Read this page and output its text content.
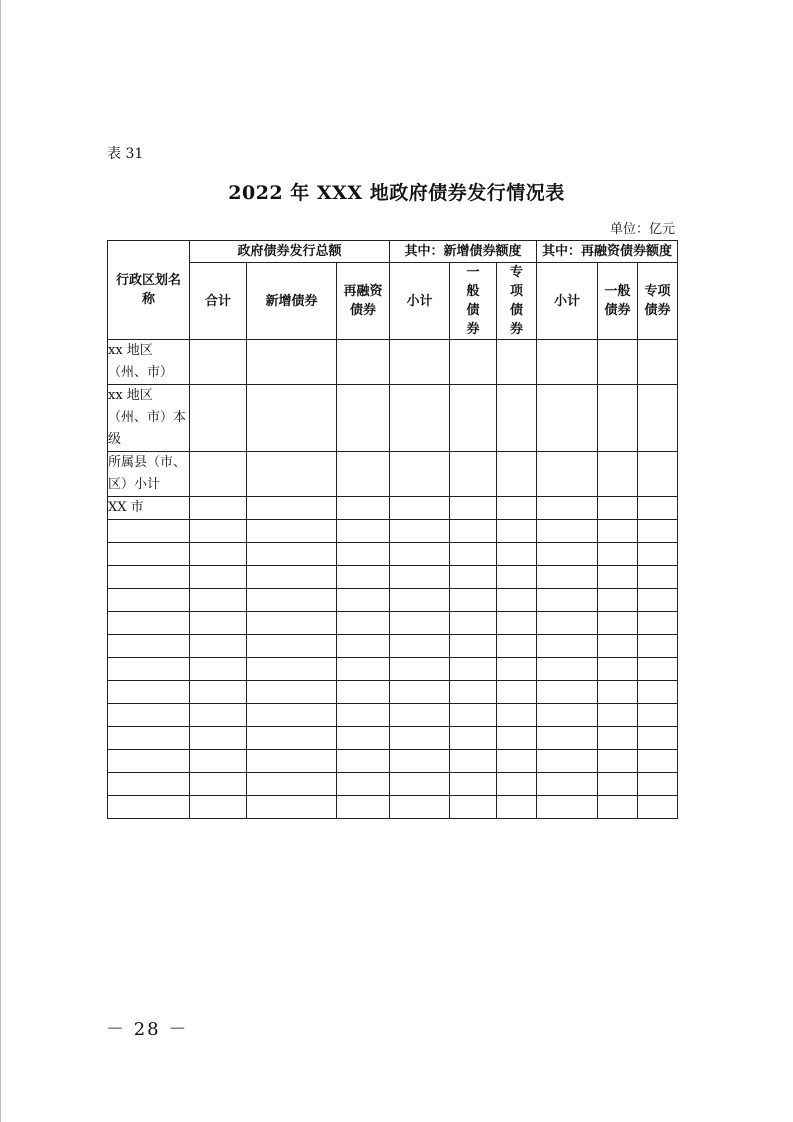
表 31
2022 年 XXX 地政府债券发行情况表
单位：亿元
行政区划名称	政府债券发行总额			其中：新增债券额度			其中：再融资债券额度		
	合计	新增债券	再融资债券	小计	一般债券	专项债券	小计	一般债券	专项债券
xx 地区（州、市）									
xx 地区（州、市）本级									
所属县（市、区）小计									
XX 市									

－ 28 －
